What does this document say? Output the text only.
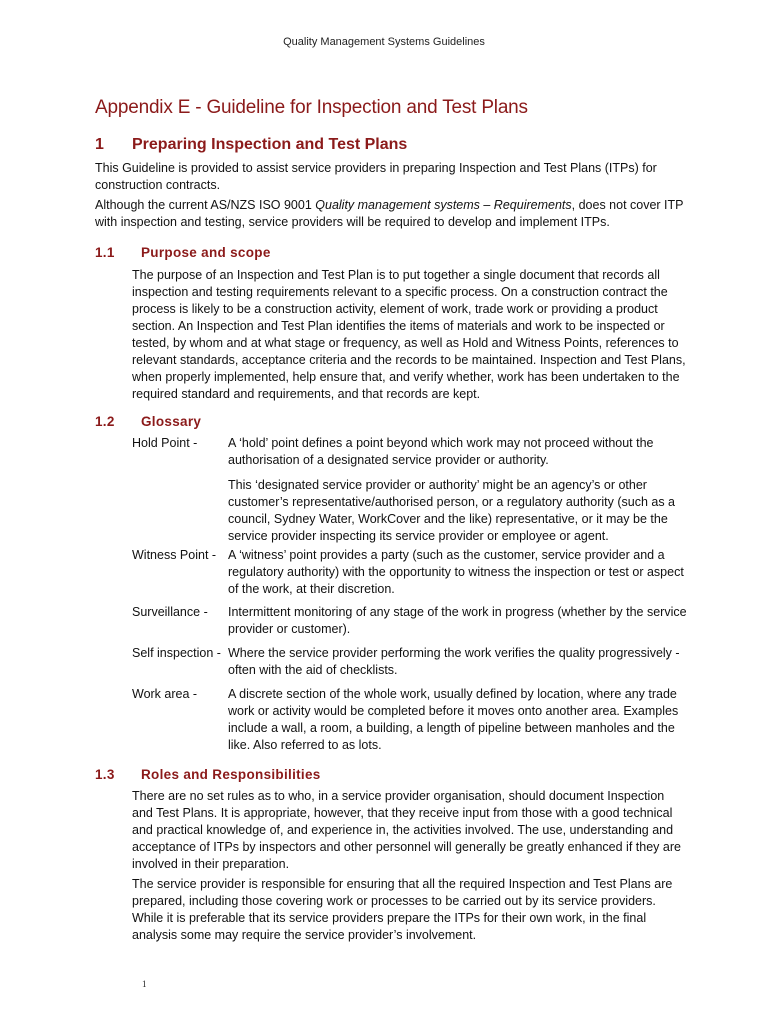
Quality Management Systems Guidelines
Appendix E - Guideline for Inspection and Test Plans
1 Preparing Inspection and Test Plans

This Guideline is provided to assist service providers in preparing Inspection and Test Plans (ITPs) for construction contracts.

Although the current AS/NZS ISO 9001 Quality management systems – Requirements, does not cover ITP with inspection and testing, service providers will be required to develop and implement ITPs.

1.1 Purpose and scope

The purpose of an Inspection and Test Plan is to put together a single document that records all inspection and testing requirements relevant to a specific process. On a construction contract the process is likely to be a construction activity, element of work, trade work or providing a product section. An Inspection and Test Plan identifies the items of materials and work to be inspected or tested, by whom and at what stage or frequency, as well as Hold and Witness Points, references to relevant standards, acceptance criteria and the records to be maintained. Inspection and Test Plans, when properly implemented, help ensure that, and verify whether, work has been undertaken to the required standard and requirements, and that records are kept.

1.2 Glossary

Hold Point - A ‘hold’ point defines a point beyond which work may not proceed without the authorisation of a designated service provider or authority.

This ‘designated service provider or authority’ might be an agency’s or other customer’s representative/authorised person, or a regulatory authority (such as a council, Sydney Water, WorkCover and the like) representative, or it may be the service provider inspecting its service provider or employee or agent.

Witness Point - A ‘witness’ point provides a party (such as the customer, service provider and a regulatory authority) with the opportunity to witness the inspection or test or aspect of the work, at their discretion.

Surveillance - Intermittent monitoring of any stage of the work in progress (whether by the service provider or customer).

Self inspection - Where the service provider performing the work verifies the quality progressively - often with the aid of checklists.

Work area - A discrete section of the whole work, usually defined by location, where any trade work or activity would be completed before it moves onto another area. Examples include a wall, a room, a building, a length of pipeline between manholes and the like. Also referred to as lots.

1.3 Roles and Responsibilities

There are no set rules as to who, in a service provider organisation, should document Inspection and Test Plans. It is appropriate, however, that they receive input from those with a good technical and practical knowledge of, and experience in, the activities involved. The use, understanding and acceptance of ITPs by inspectors and other personnel will generally be greatly enhanced if they are involved in their preparation.

The service provider is responsible for ensuring that all the required Inspection and Test Plans are prepared, including those covering work or processes to be carried out by its service providers. While it is preferable that its service providers prepare the ITPs for their own work, in the final analysis some may require the service provider’s involvement.

1
